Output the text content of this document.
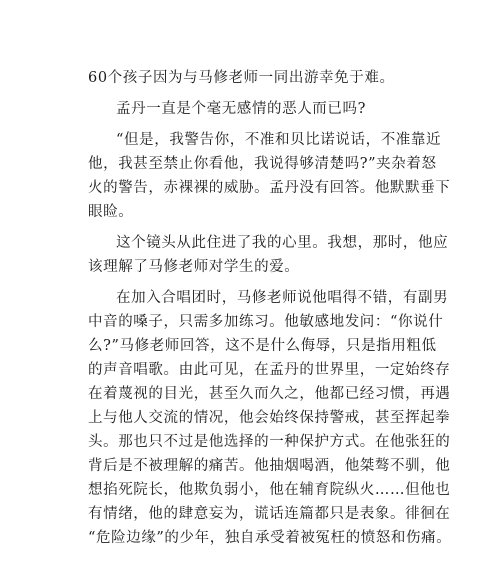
60个孩子因为与马修老师一同出游幸免于难。
孟丹一直是个毫无感情的恶人而已吗?
“但是，我警告你，不准和贝比诺说话，不准靠近
他，我甚至禁止你看他，我说得够清楚吗?”夹杂着怒
火的警告，赤裸裸的威胁。孟丹没有回答。他默默垂下
眼睑。
这个镜头从此住进了我的心里。我想，那时，他应
该理解了马修老师对学生的爱。
在加入合唱团时，马修老师说他唱得不错，有副男
中音的嗓子，只需多加练习。他敏感地发问：“你说什
么?”马修老师回答，这不是什么侮辱，只是指用粗低
的声音唱歌。由此可见，在孟丹的世界里，一定始终存
在着蔑视的目光，甚至久而久之，他都已经习惯，再遇
上与他人交流的情况，他会始终保持警戒，甚至挥起拳
头。那也只不过是他选择的一种保护方式。在他张狂的
背后是不被理解的痛苦。他抽烟喝酒，他桀骜不驯，他
想掐死院长，他欺负弱小，他在辅育院纵火……但他也
有情绪，他的肆意妄为，谎话连篇都只是表象。徘徊在
“危险边缘”的少年，独自承受着被冤枉的愤怒和伤痛。
